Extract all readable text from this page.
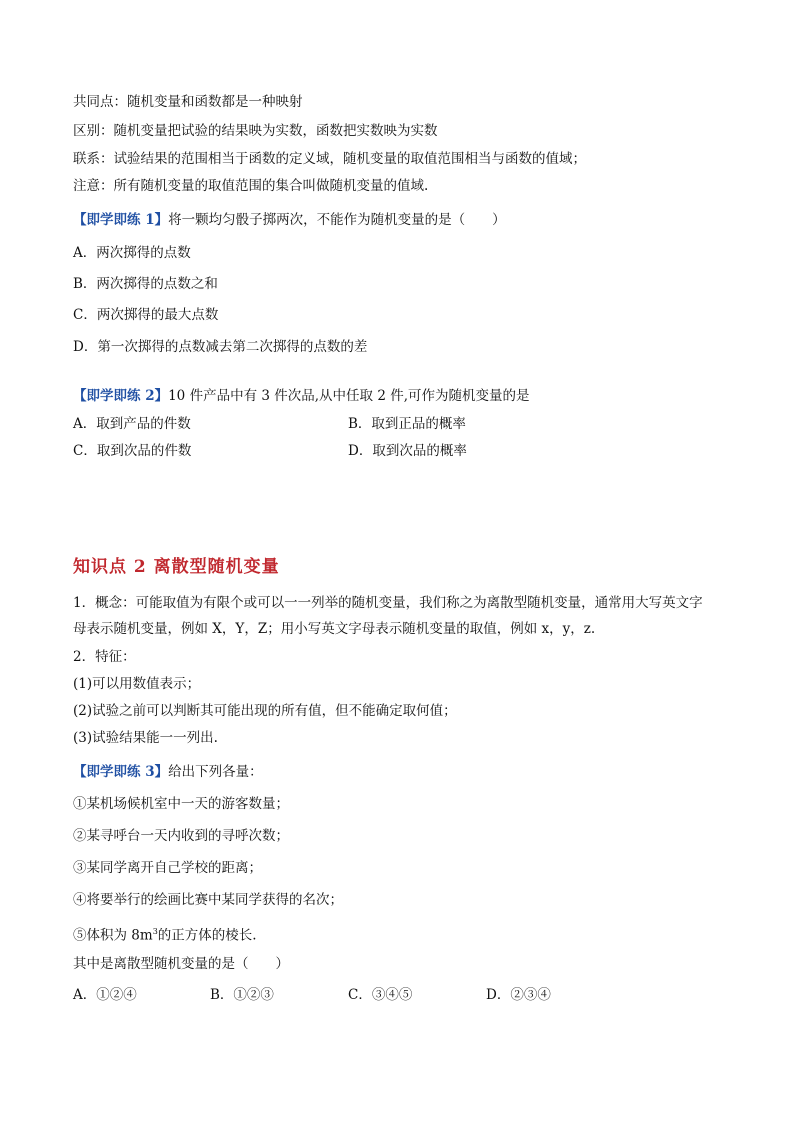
共同点：随机变量和函数都是一种映射
区别：随机变量把试验的结果映为实数，函数把实数映为实数
联系：试验结果的范围相当于函数的定义域，随机变量的取值范围相当与函数的值域；
注意：所有随机变量的取值范围的集合叫做随机变量的值域.
【即学即练 1】将一颗均匀骰子掷两次，不能作为随机变量的是（　　）
A．两次掷得的点数
B．两次掷得的点数之和
C．两次掷得的最大点数
D．第一次掷得的点数减去第二次掷得的点数的差
【即学即练 2】10 件产品中有 3 件次品,从中任取 2 件,可作为随机变量的是
A．取到产品的件数	B．取到正品的概率
C．取到次品的件数	D．取到次品的概率
知识点 2 离散型随机变量
1．概念：可能取值为有限个或可以一一列举的随机变量，我们称之为离散型随机变量，通常用大写英文字
母表示随机变量，例如 X，Y，Z；用小写英文字母表示随机变量的取值，例如 x，y，z.
2．特征：
(1)可以用数值表示；
(2)试验之前可以判断其可能出现的所有值，但不能确定取何值；
(3)试验结果能一一列出.
【即学即练 3】给出下列各量：
①某机场候机室中一天的游客数量；
②某寻呼台一天内收到的寻呼次数；
③某同学离开自己学校的距离；
④将要举行的绘画比赛中某同学获得的名次；
⑤体积为 $8m^3$的正方体的棱长.
其中是离散型随机变量的是（　　）
A．①②④	B．①②③	C．③④⑤	D．②③④
